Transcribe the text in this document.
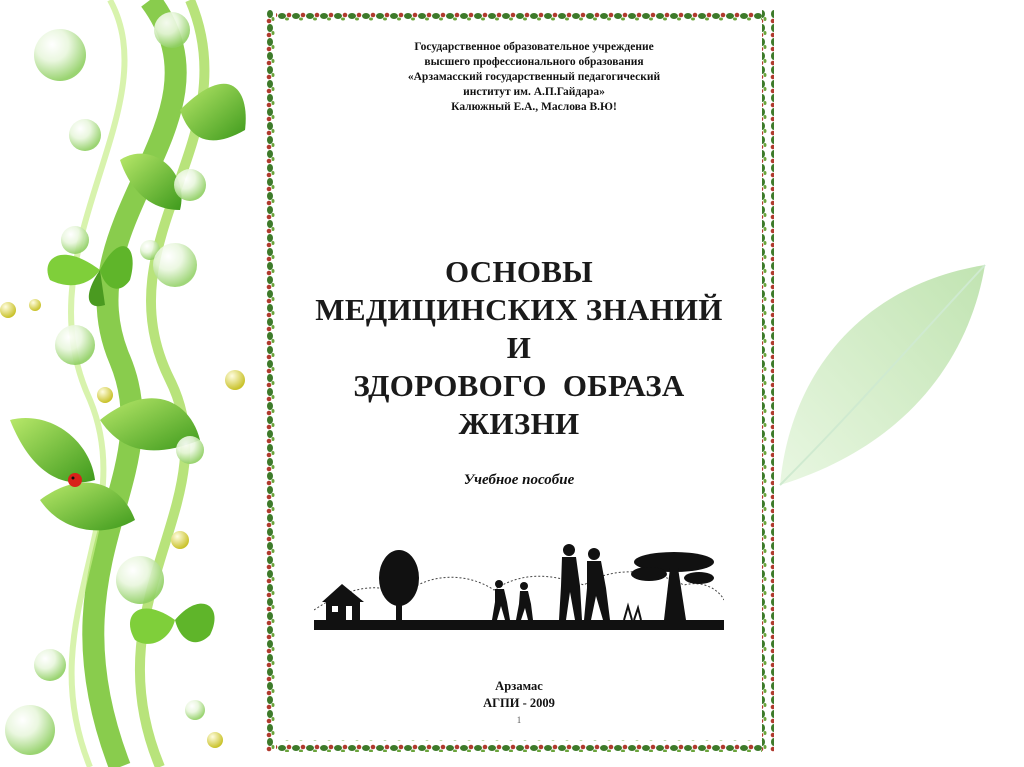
Государственное образовательное учреждение
высшего профессионального образования
«Арзамасский государственный педагогический
институт им. А.П.Гайдара»
Калюжный Е.А., Маслова В.Ю!
ОСНОВЫ
МЕДИЦИНСКИХ ЗНАНИЙ
И
ЗДОРОВОГО  ОБРАЗА
ЖИЗНИ
Учебное пособие
Арзамас
АГПИ - 2009
1
